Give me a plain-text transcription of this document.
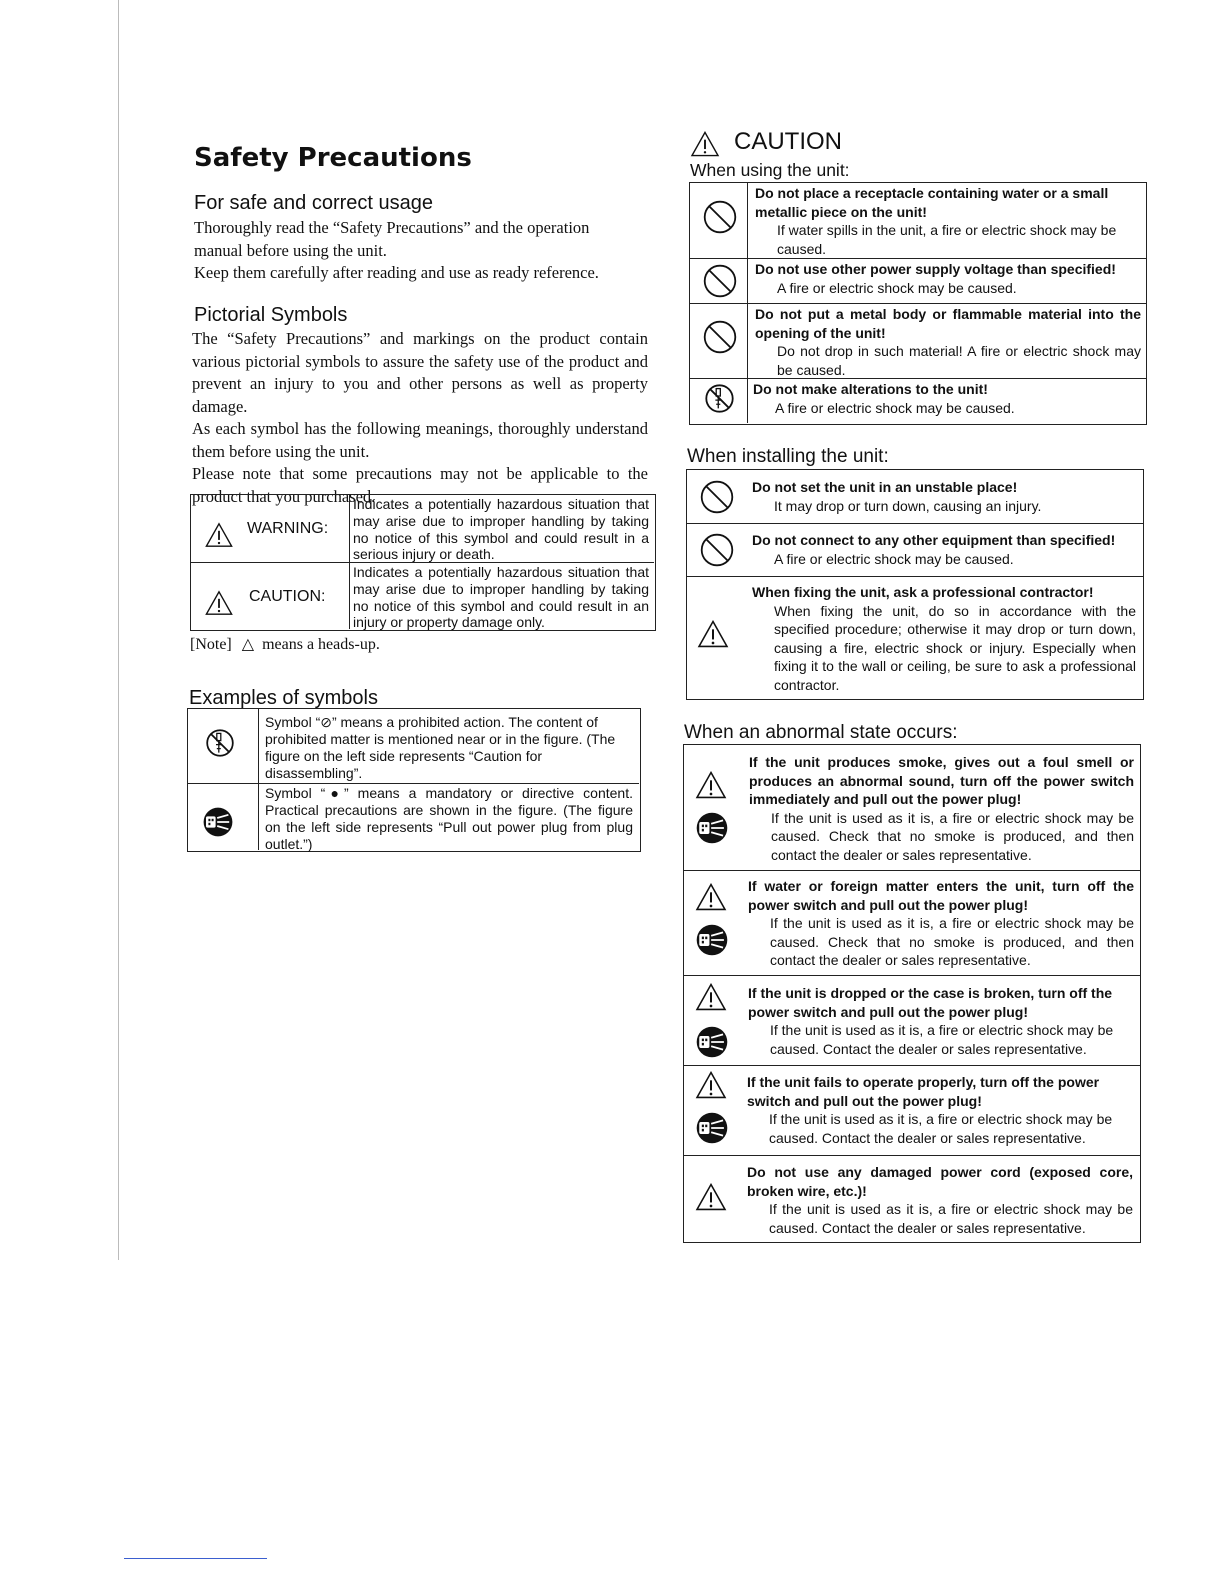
Safety Precautions
For safe and correct usage
Thoroughly read the “Safety Precautions” and the operation manual before using the unit.
Keep them carefully after reading and use as ready reference.
Pictorial Symbols
The “Safety Precautions” and markings on the product contain various pictorial symbols to assure the safety use of the product and prevent an injury to you and other persons as well as property damage.
As each symbol has the following meanings, thoroughly understand them before using the unit.
Please note that some precautions may not be applicable to the product that you purchased.
WARNING:
Indicates a potentially hazardous situation that may arise due to improper handling by taking no notice of this symbol and could result in a serious injury or death.
CAUTION:
Indicates a potentially hazardous situation that may arise due to improper handling by taking no notice of this symbol and could result in an injury or property damage only.
[Note] △ means a heads-up.
Examples of symbols
Symbol “⊘” means a prohibited action. The content of prohibited matter is mentioned near or in the figure. (The figure on the left side represents “Caution for disassembling”.
Symbol “●” means a mandatory or directive content. Practical precautions are shown in the figure. (The figure on the left side represents “Pull out power plug from plug outlet.”)
CAUTION
When using the unit:
Do not place a receptacle containing water or a small metallic piece on the unit!
If water spills in the unit, a fire or electric shock may be caused.
Do not use other power supply voltage than specified!
A fire or electric shock may be caused.
Do not put a metal body or flammable material into the opening of the unit!
Do not drop in such material! A fire or electric shock may be caused.
Do not make alterations to the unit!
A fire or electric shock may be caused.
When installing the unit:
Do not set the unit in an unstable place!
It may drop or turn down, causing an injury.
Do not connect to any other equipment than specified!
A fire or electric shock may be caused.
When fixing the unit, ask a professional contractor!
When fixing the unit, do so in accordance with the specified procedure; otherwise it may drop or turn down, causing a fire, electric shock or injury. Especially when fixing it to the wall or ceiling, be sure to ask a professional contractor.
When an abnormal state occurs:
If the unit produces smoke, gives out a foul smell or produces an abnormal sound, turn off the power switch immediately and pull out the power plug!
If the unit is used as it is, a fire or electric shock may be caused. Check that no smoke is produced, and then contact the dealer or sales representative.
If water or foreign matter enters the unit, turn off the power switch and pull out the power plug!
If the unit is used as it is, a fire or electric shock may be caused. Check that no smoke is produced, and then contact the dealer or sales representative.
If the unit is dropped or the case is broken, turn off the power switch and pull out the power plug!
If the unit is used as it is, a fire or electric shock may be caused. Contact the dealer or sales representative.
If the unit fails to operate properly, turn off the power switch and pull out the power plug!
If the unit is used as it is, a fire or electric shock may be caused. Contact the dealer or sales representative.
Do not use any damaged power cord (exposed core, broken wire, etc.)!
If the unit is used as it is, a fire or electric shock may be caused. Contact the dealer or sales representative.
